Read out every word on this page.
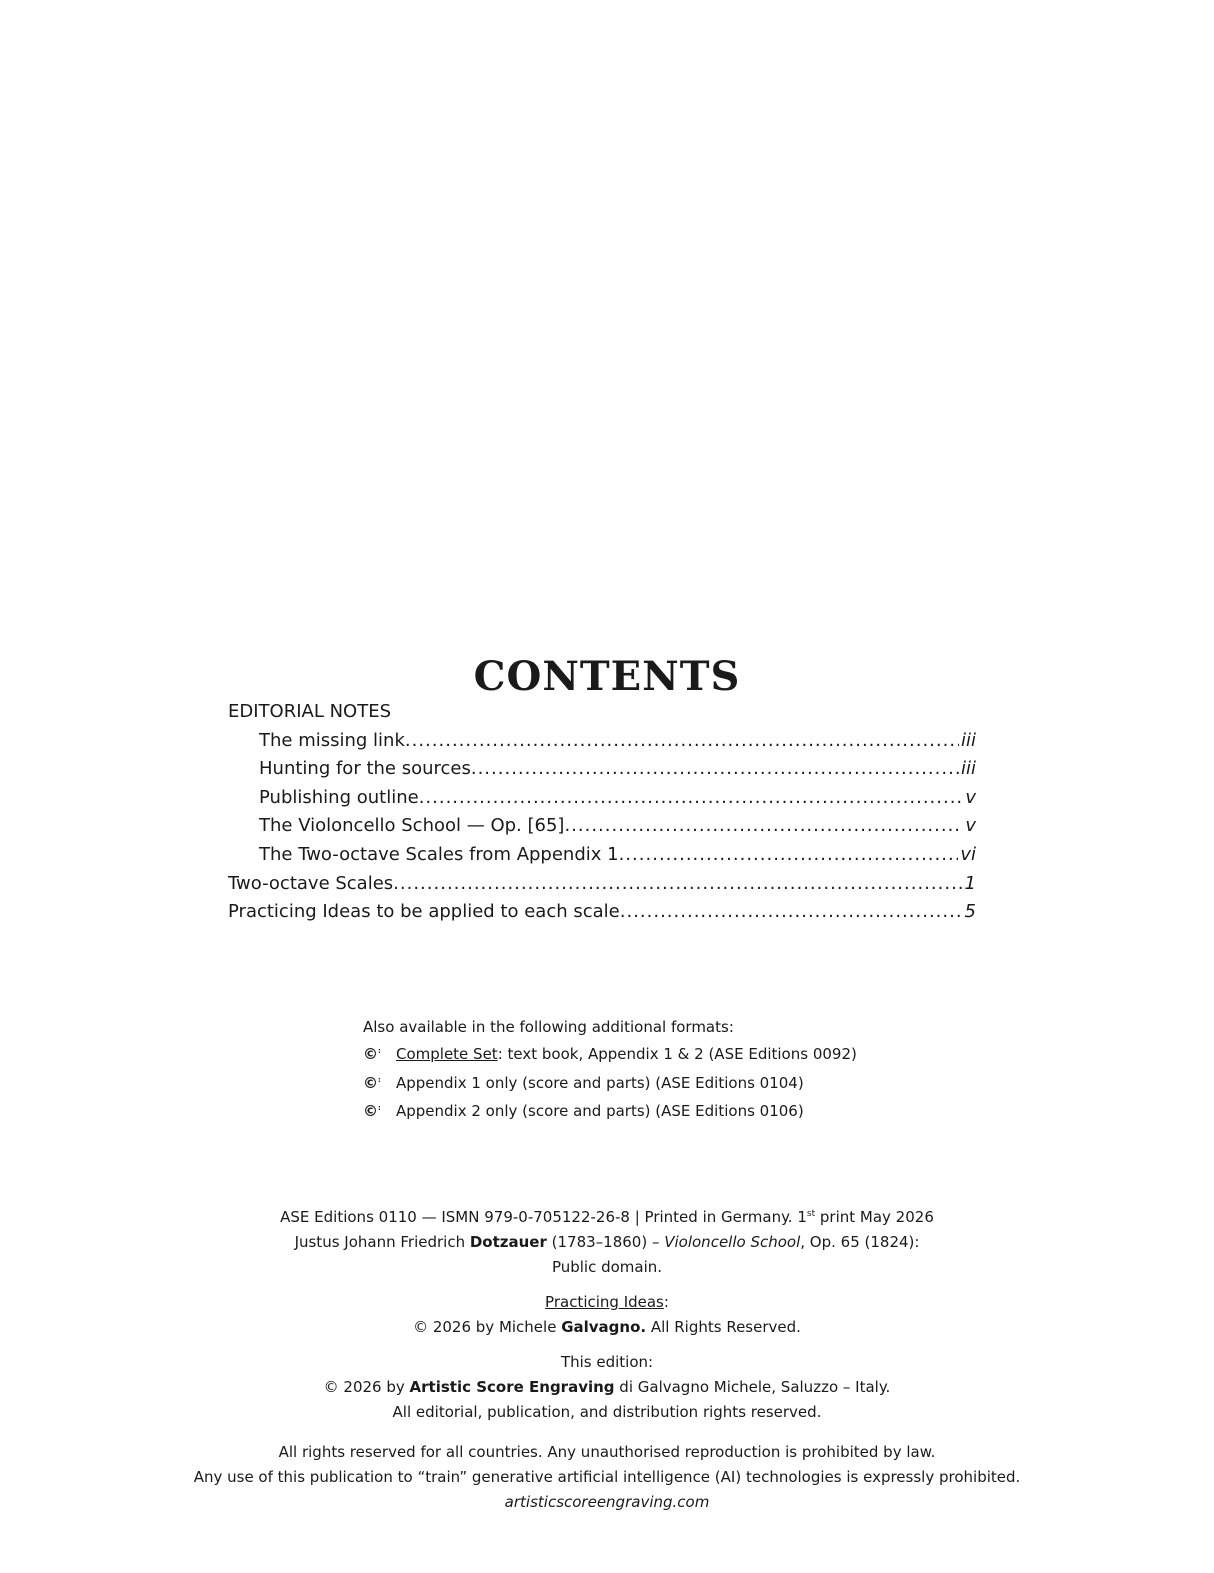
CONTENTS
EDITORIAL NOTES
The missing link .....	iii
Hunting for the sources .....	iii
Publishing outline .....	v
The Violoncello School — Op. [65] .....	v
The Two-octave Scales from Appendix 1 .....	vi
Two-octave Scales .....	1
Practicing Ideas to be applied to each scale .....	5
Also available in the following additional formats:
©:	Complete Set: text book, Appendix 1 & 2 (ASE Editions 0092)
©:	Appendix 1 only (score and parts) (ASE Editions 0104)
©:	Appendix 2 only (score and parts) (ASE Editions 0106)
ASE Editions 0110 — ISMN 979-0-705122-26-8 | Printed in Germany. 1st print May 2026
Justus Johann Friedrich Dotzauer (1783–1860) – Violoncello School, Op. 65 (1824):
Public domain.
Practicing Ideas:
© 2026 by Michele Galvagno. All Rights Reserved.
This edition:
© 2026 by Artistic Score Engraving di Galvagno Michele, Saluzzo – Italy.
All editorial, publication, and distribution rights reserved.
All rights reserved for all countries. Any unauthorised reproduction is prohibited by law.
Any use of this publication to “train” generative artificial intelligence (AI) technologies is expressly prohibited.
artisticscoreengraving.com
